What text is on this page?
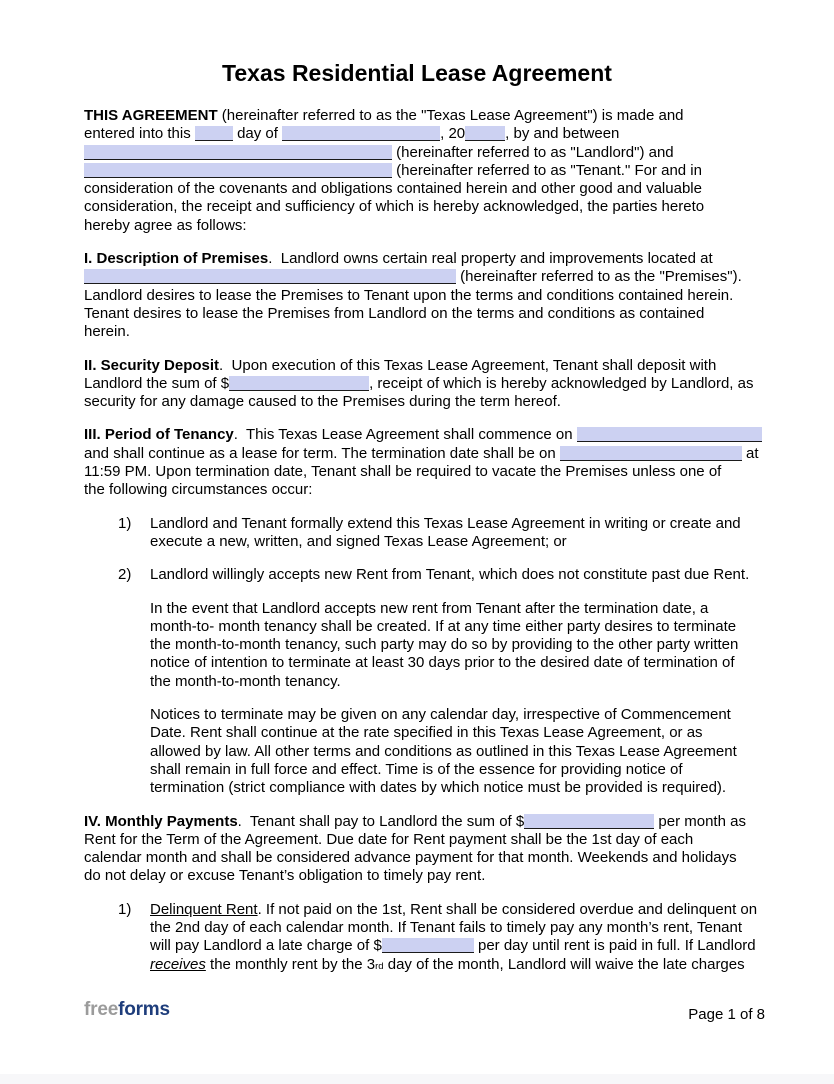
Texas Residential Lease Agreement
THIS AGREEMENT (hereinafter referred to as the "Texas Lease Agreement") is made and
entered into this	day of	, 20	, by and between
(hereinafter referred to as "Landlord") and
(hereinafter referred to as "Tenant." For and in
consideration of the covenants and obligations contained herein and other good and valuable
consideration, the receipt and sufficiency of which is hereby acknowledged, the parties hereto
hereby agree as follows:
I. Description of Premises.  Landlord owns certain real property and improvements located at
(hereinafter referred to as the "Premises").
Landlord desires to lease the Premises to Tenant upon the terms and conditions contained herein.
Tenant desires to lease the Premises from Landlord on the terms and conditions as contained
herein.
II. Security Deposit.  Upon execution of this Texas Lease Agreement, Tenant shall deposit with
Landlord the sum of $	, receipt of which is hereby acknowledged by Landlord, as
security for any damage caused to the Premises during the term hereof.
III. Period of Tenancy.  This Texas Lease Agreement shall commence on
and shall continue as a lease for term. The termination date shall be on	at
11:59 PM. Upon termination date, Tenant shall be required to vacate the Premises unless one of
the following circumstances occur:
1)	Landlord and Tenant formally extend this Texas Lease Agreement in writing or create and
execute a new, written, and signed Texas Lease Agreement; or
2)	Landlord willingly accepts new Rent from Tenant, which does not constitute past due Rent.
In the event that Landlord accepts new rent from Tenant after the termination date, a
month-to- month tenancy shall be created. If at any time either party desires to terminate
the month-to-month tenancy, such party may do so by providing to the other party written
notice of intention to terminate at least 30 days prior to the desired date of termination of
the month-to-month tenancy.
Notices to terminate may be given on any calendar day, irrespective of Commencement
Date. Rent shall continue at the rate specified in this Texas Lease Agreement, or as
allowed by law. All other terms and conditions as outlined in this Texas Lease Agreement
shall remain in full force and effect. Time is of the essence for providing notice of
termination (strict compliance with dates by which notice must be provided is required).
IV. Monthly Payments.  Tenant shall pay to Landlord the sum of $	per month as
Rent for the Term of the Agreement. Due date for Rent payment shall be the 1st day of each
calendar month and shall be considered advance payment for that month. Weekends and holidays
do not delay or excuse Tenant’s obligation to timely pay rent.
1)	Delinquent Rent. If not paid on the 1st, Rent shall be considered overdue and delinquent on
the 2nd day of each calendar month. If Tenant fails to timely pay any month’s rent, Tenant
will pay Landlord a late charge of $	per day until rent is paid in full. If Landlord
receives the monthly rent by the 3rd day of the month, Landlord will waive the late charges
freeforms	Page 1 of 8
